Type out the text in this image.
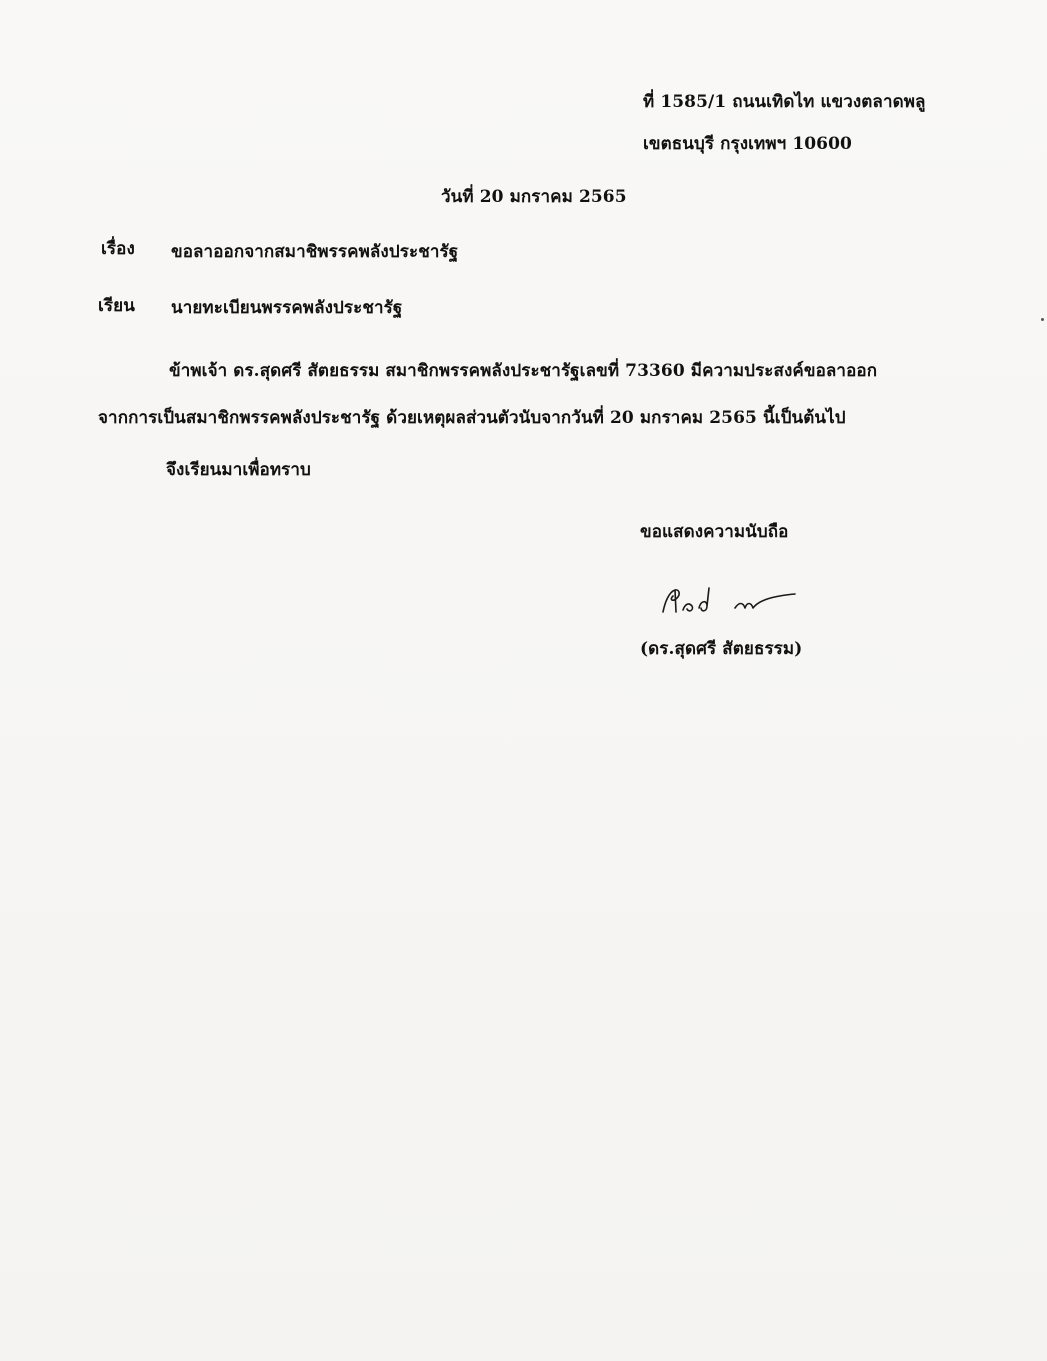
ที่ 1585/1 ถนนเทิดไท แขวงตลาดพลู
เขตธนบุรี กรุงเทพฯ 10600
วันที่ 20 มกราคม 2565
เรื่อง ขอลาออกจากสมาชิพรรคพลังประชารัฐ
เรียน นายทะเบียนพรรคพลังประชารัฐ
ข้าพเจ้า ดร.สุดศรี สัตยธรรม สมาชิกพรรคพลังประชารัฐเลขที่ 73360 มีความประสงค์ขอลาออก
จากการเป็นสมาชิกพรรคพลังประชารัฐ ด้วยเหตุผลส่วนตัวนับจากวันที่ 20 มกราคม 2565 นี้เป็นต้นไป
จึงเรียนมาเพื่อทราบ
ขอแสดงความนับถือ
(ดร.สุดศรี สัตยธรรม)
